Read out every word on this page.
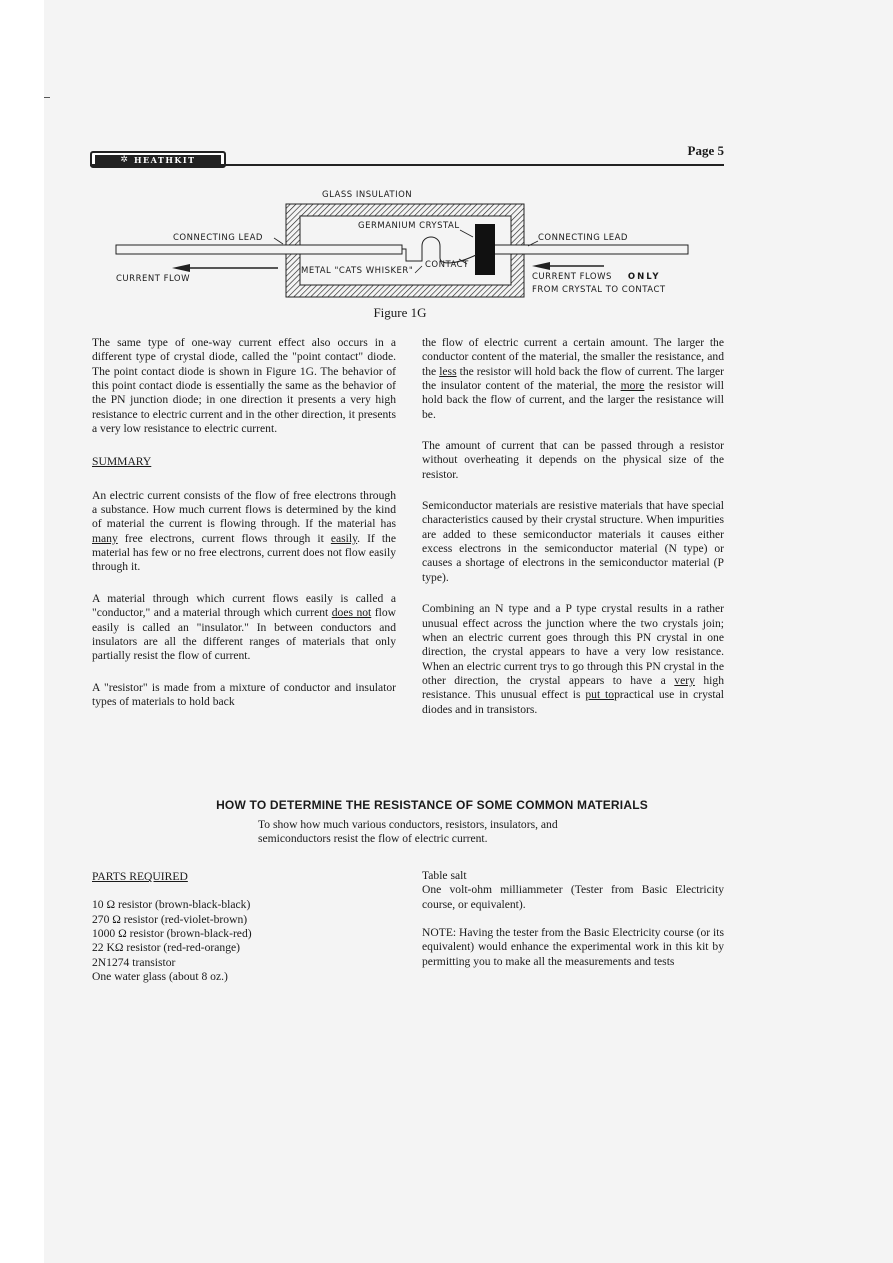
✲ HEATHKIT
Page 5
GLASS INSULATION
GERMANIUM CRYSTAL
CONNECTING LEAD	CONNECTING LEAD
METAL "CATS WHISKER"
CONTACT
CURRENT FLOW	CURRENT FLOWS ONLY
FROM CRYSTAL TO CONTACT
Figure 1G

The same type of one-way current effect also occurs in a different type of crystal diode, called the "point contact" diode. The point contact diode is shown in Figure 1G. The behavior of this point contact diode is essentially the same as the behavior of the PN junction diode; in one direction it presents a very high resistance to electric current and in the other direction, it presents a very low resistance to electric current.

SUMMARY

An electric current consists of the flow of free electrons through a substance. How much current flows is determined by the kind of material the current is flowing through. If the material has many free electrons, current flows through it easily. If the material has few or no free electrons, current does not flow easily through it.

A material through which current flows easily is called a "conductor," and a material through which current does not flow easily is called an "insulator." In between conductors and insulators are all the different ranges of materials that only partially resist the flow of current.

A "resistor" is made from a mixture of conductor and insulator types of materials to hold back

the flow of electric current a certain amount. The larger the conductor content of the material, the smaller the resistance, and the less the resistor will hold back the flow of current. The larger the insulator content of the material, the more the resistor will hold back the flow of current, and the larger the resistance will be.

The amount of current that can be passed through a resistor without overheating it depends on the physical size of the resistor.

Semiconductor materials are resistive materials that have special characteristics caused by their crystal structure. When impurities are added to these semiconductor materials it causes either excess electrons in the semiconductor material (N type) or causes a shortage of electrons in the semiconductor material (P type).

Combining an N type and a P type crystal results in a rather unusual effect across the junction where the two crystals join; when an electric current goes through this PN crystal in one direction, the crystal appears to have a very low resistance. When an electric current trys to go through this PN crystal in the other direction, the crystal appears to have a very high resistance. This unusual effect is put topractical use in crystal diodes and in transistors.

HOW TO DETERMINE THE RESISTANCE OF SOME COMMON MATERIALS
To show how much various conductors, resistors, insulators, and semiconductors resist the flow of electric current.
PARTS REQUIRED
10 Ω resistor (brown-black-black)
270 Ω resistor (red-violet-brown)
1000 Ω resistor (brown-black-red)
22 KΩ resistor (red-red-orange)
2N1274 transistor
One water glass (about 8 oz.)

Table salt

One volt-ohm milliammeter (Tester from Basic Electricity course, or equivalent).

NOTE: Having the tester from the Basic Electricity course (or its equivalent) would enhance the experimental work in this kit by permitting you to make all the measurements and tests
